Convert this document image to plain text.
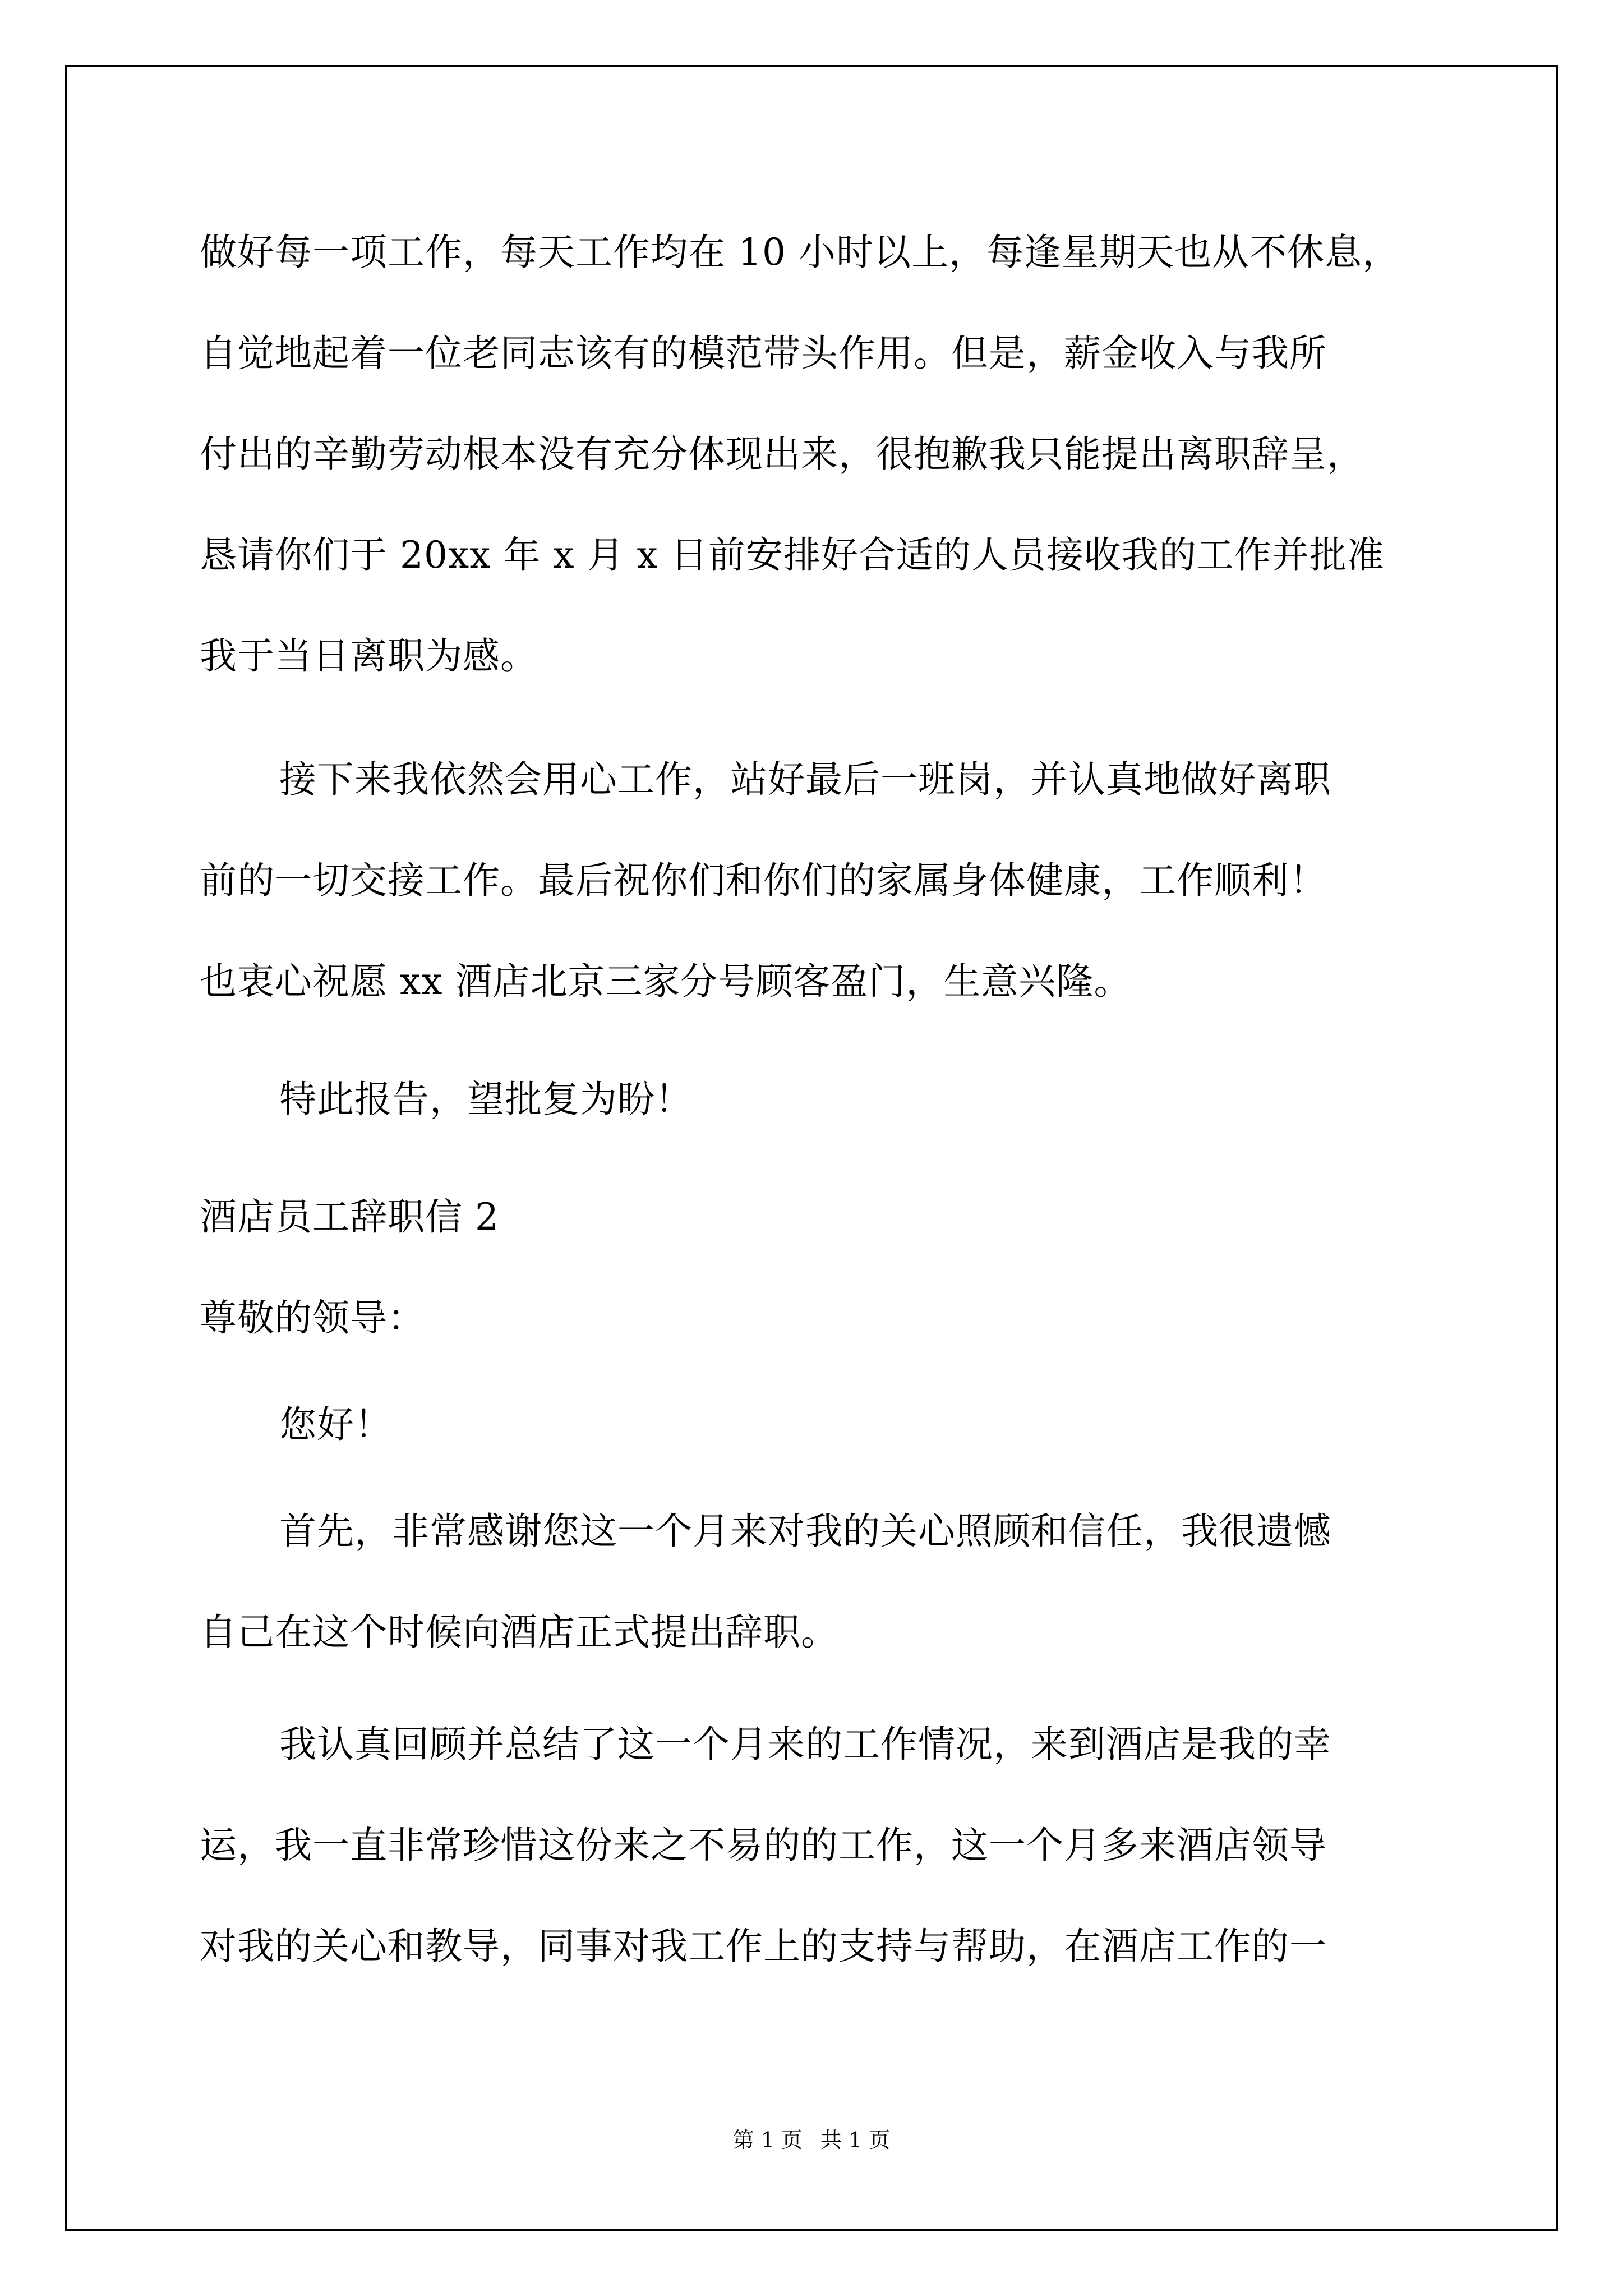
做好每一项工作，每天工作均在 10 小时以上，每逢星期天也从不休息，
自觉地起着一位老同志该有的模范带头作用。但是，薪金收入与我所
付出的辛勤劳动根本没有充分体现出来，很抱歉我只能提出离职辞呈，
恳请你们于 20xx 年 x 月 x 日前安排好合适的人员接收我的工作并批准
我于当日离职为感。
接下来我依然会用心工作，站好最后一班岗，并认真地做好离职
前的一切交接工作。最后祝你们和你们的家属身体健康，工作顺利！
也衷心祝愿 xx 酒店北京三家分号顾客盈门，生意兴隆。
特此报告，望批复为盼！
酒店员工辞职信 2
尊敬的领导：
您好！
首先，非常感谢您这一个月来对我的关心照顾和信任，我很遗憾
自己在这个时候向酒店正式提出辞职。
我认真回顾并总结了这一个月来的工作情况，来到酒店是我的幸
运，我一直非常珍惜这份来之不易的的工作，这一个月多来酒店领导
对我的关心和教导，同事对我工作上的支持与帮助，在酒店工作的一
第 1 页 共 1 页
